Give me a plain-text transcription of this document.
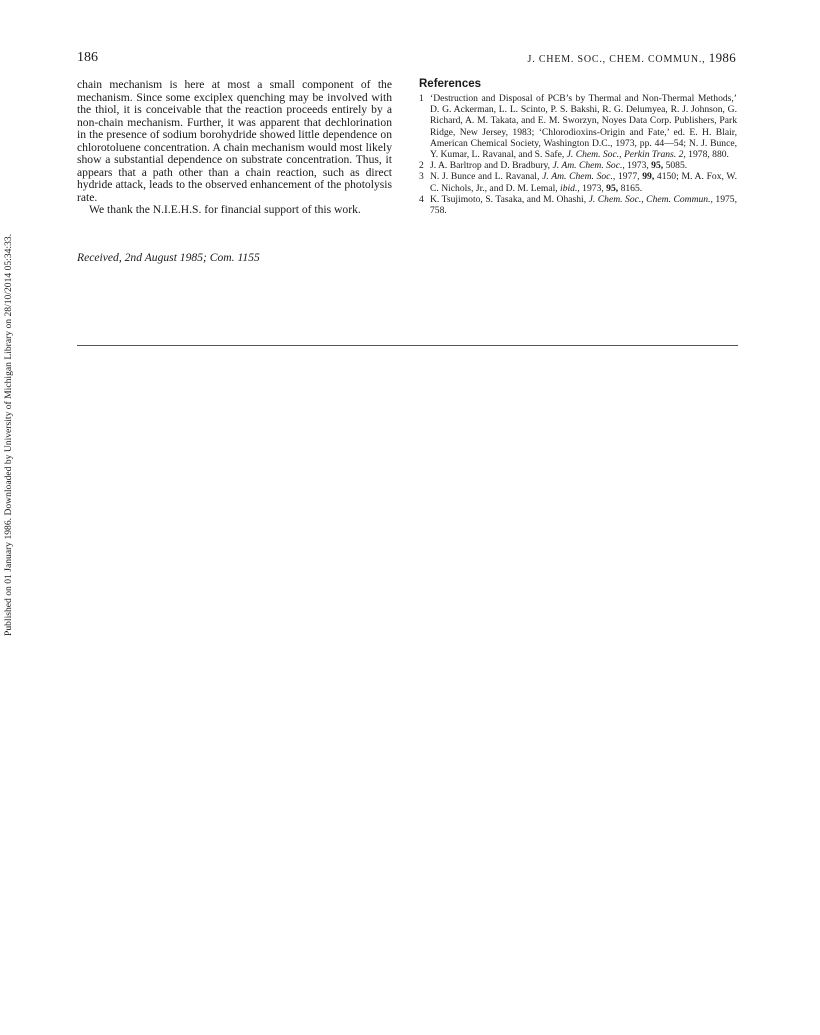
Published on 01 January 1986. Downloaded by University of Michigan Library on 28/10/2014 05:34:33.
186	J. CHEM. SOC., CHEM. COMMUN., 1986

chain mechanism is here at most a small component of the mechanism. Since some exciplex quenching may be involved with the thiol, it is conceivable that the reaction proceeds entirely by a non-chain mechanism. Further, it was apparent that dechlorination in the presence of sodium borohydride showed little dependence on chlorotoluene concentration. A chain mechanism would most likely show a substantial dependence on substrate concentration. Thus, it appears that a path other than a chain reaction, such as direct hydride attack, leads to the observed enhancement of the photolysis rate.

We thank the N.I.E.H.S. for financial support of this work.

Received, 2nd August 1985; Com. 1155
References
1 ‘Destruction and Disposal of PCB’s by Thermal and Non-Thermal Methods,’ D. G. Ackerman, L. L. Scinto, P. S. Bakshi, R. G. Delumyea, R. J. Johnson, G. Richard, A. M. Takata, and E. M. Sworzyn, Noyes Data Corp. Publishers, Park Ridge, New Jersey, 1983; ‘Chlorodioxins-Origin and Fate,’ ed. E. H. Blair, American Chemical Society, Washington D.C., 1973, pp. 44—54; N. J. Bunce, Y. Kumar, L. Ravanal, and S. Safe, J. Chem. Soc., Perkin Trans. 2, 1978, 880.
2 J. A. Barltrop and D. Bradbury, J. Am. Chem. Soc., 1973, 95, 5085.
3 N. J. Bunce and L. Ravanal, J. Am. Chem. Soc., 1977, 99, 4150; M. A. Fox, W. C. Nichols, Jr., and D. M. Lemal, ibid., 1973, 95, 8165.
4 K. Tsujimoto, S. Tasaka, and M. Ohashi, J. Chem. Soc., Chem. Commun., 1975, 758.
